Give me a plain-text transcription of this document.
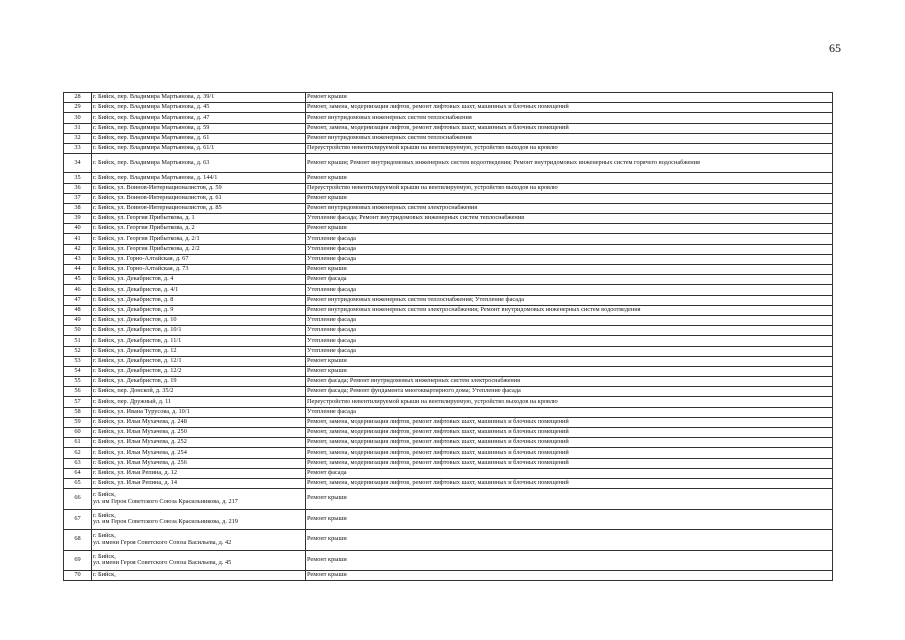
65
28	г. Бийск, пер. Владимира Мартьянова, д. 39/1	Ремонт крыши
29	г. Бийск, пер. Владимира Мартьянова, д. 45	Ремонт, замена, модернизация лифтов, ремонт лифтовых шахт, машинных и блочных помещений
30	г. Бийск, пер. Владимира Мартьянова, д. 47	Ремонт внутридомовых инженерных систем теплоснабжения
31	г. Бийск, пер. Владимира Мартьянова, д. 59	Ремонт, замена, модернизация лифтов, ремонт лифтовых шахт, машинных и блочных помещений
32	г. Бийск, пер. Владимира Мартьянова, д. 61	Ремонт внутридомовых инженерных систем теплоснабжения
33	г. Бийск, пер. Владимира Мартьянова, д. 61/1	Переустройство невентилируемой крыши на вентилируемую, устройство выходов на кровлю
34	г. Бийск, пер. Владимира Мартьянова, д. 63	Ремонт крыши; Ремонт внутридомовых инженерных систем водоотведения; Ремонт внутридомовых инженерных систем горячего водоснабжения
35	г. Бийск, пер. Владимира Мартьянова, д. 144/1	Ремонт крыши
36	г. Бийск, ул. Воинов-Интернационалистов, д. 59	Переустройство невентилируемой крыши на вентилируемую, устройство выходов на кровлю
37	г. Бийск, ул. Воинов-Интернационалистов, д. 61	Ремонт крыши
38	г. Бийск, ул. Воинов-Интернационалистов, д. 85	Ремонт внутридомовых инженерных систем электроснабжения
39	г. Бийск, ул. Георгия Прибыткова, д. 1	Утепление фасада; Ремонт внутридомовых инженерных систем теплоснабжения
40	г. Бийск, ул. Георгия Прибыткова, д. 2	Ремонт крыши
41	г. Бийск, ул. Георгия Прибыткова, д. 2/1	Утепление фасада
42	г. Бийск, ул. Георгия Прибыткова, д. 2/2	Утепление фасада
43	г. Бийск, ул. Горно-Алтайская, д. 67	Утепление фасада
44	г. Бийск, ул. Горно-Алтайская, д. 73	Ремонт крыши
45	г. Бийск, ул. Декабристов, д. 4	Ремонт фасада
46	г. Бийск, ул. Декабристов, д. 4/1	Утепление фасада
47	г. Бийск, ул. Декабристов, д. 8	Ремонт внутридомовых инженерных систем теплоснабжения; Утепление фасада
48	г. Бийск, ул. Декабристов, д. 9	Ремонт внутридомовых инженерных систем электроснабжения; Ремонт внутридомовых инженерных систем водоотведения
49	г. Бийск, ул. Декабристов, д. 10	Утепление фасада
50	г. Бийск, ул. Декабристов, д. 10/1	Утепление фасада
51	г. Бийск, ул. Декабристов, д. 11/1	Утепление фасада
52	г. Бийск, ул. Декабристов, д. 12	Утепление фасада
53	г. Бийск, ул. Декабристов, д. 12/1	Ремонт крыши
54	г. Бийск, ул. Декабристов, д. 12/2	Ремонт крыши
55	г. Бийск, ул. Декабристов, д. 19	Ремонт фасада; Ремонт внутридомовых инженерных систем электроснабжения
56	г. Бийск, пер. Донской, д. 35/2	Ремонт фасада; Ремонт фундамента многоквартирного дома; Утепление фасада
57	г. Бийск, пер. Дружный, д. 11	Переустройство невентилируемой крыши на вентилируемую, устройство выходов на кровлю
58	г. Бийск, ул. Ивана Турусова, д. 10/1	Утепление фасада
59	г. Бийск, ул. Ильи Мухачева, д. 248	Ремонт, замена, модернизация лифтов, ремонт лифтовых шахт, машинных и блочных помещений
60	г. Бийск, ул. Ильи Мухачева, д. 250	Ремонт, замена, модернизация лифтов, ремонт лифтовых шахт, машинных и блочных помещений
61	г. Бийск, ул. Ильи Мухачева, д. 252	Ремонт, замена, модернизация лифтов, ремонт лифтовых шахт, машинных и блочных помещений
62	г. Бийск, ул. Ильи Мухачева, д. 254	Ремонт, замена, модернизация лифтов, ремонт лифтовых шахт, машинных и блочных помещений
63	г. Бийск, ул. Ильи Мухачева, д. 256	Ремонт, замена, модернизация лифтов, ремонт лифтовых шахт, машинных и блочных помещений
64	г. Бийск, ул. Ильи Репина, д. 12	Ремонт фасада
65	г. Бийск, ул. Ильи Репина, д. 14	Ремонт, замена, модернизация лифтов, ремонт лифтовых шахт, машинных и блочных помещений
66	г. Бийск,
ул. им Героя Советского Союза Красильникова, д. 217	Ремонт крыши
67	г. Бийск,
ул. им Героя Советского Союза Красильникова, д. 219	Ремонт крыши
68	г. Бийск,
ул. имени Героя Советского Союза Васильева, д. 42	Ремонт крыши
69	г. Бийск,
ул. имени Героя Советского Союза Васильева, д. 45	Ремонт крыши
70	г. Бийск,	Ремонт крыши
